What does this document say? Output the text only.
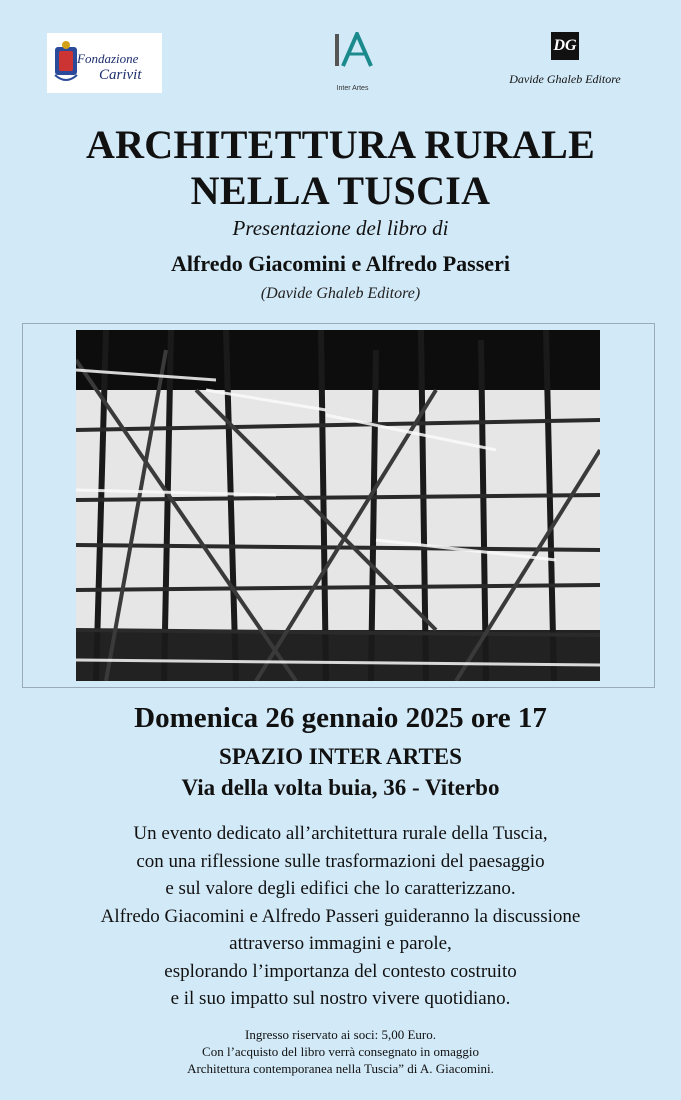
Fondazione
Carivit
Inter Artes
DG
Davide Ghaleb Editore
ARCHITETTURA RURALE
NELLA TUSCIA
Presentazione del libro di
Alfredo Giacomini e Alfredo Passeri
(Davide Ghaleb Editore)
Domenica 26 gennaio 2025 ore 17
SPAZIO INTER ARTES
Via della volta buia, 36 - Viterbo
Un evento dedicato all’architettura rurale della Tuscia,
con una riflessione sulle trasformazioni del paesaggio
e sul valore degli edifici che lo caratterizzano.
Alfredo Giacomini e Alfredo Passeri guideranno la discussione
attraverso immagini e parole,
esplorando l’importanza del contesto costruito
e il suo impatto sul nostro vivere quotidiano.
Ingresso riservato ai soci: 5,00 Euro.
Con l’acquisto del libro verrà consegnato in omaggio
Architettura contemporanea nella Tuscia” di A. Giacomini.
